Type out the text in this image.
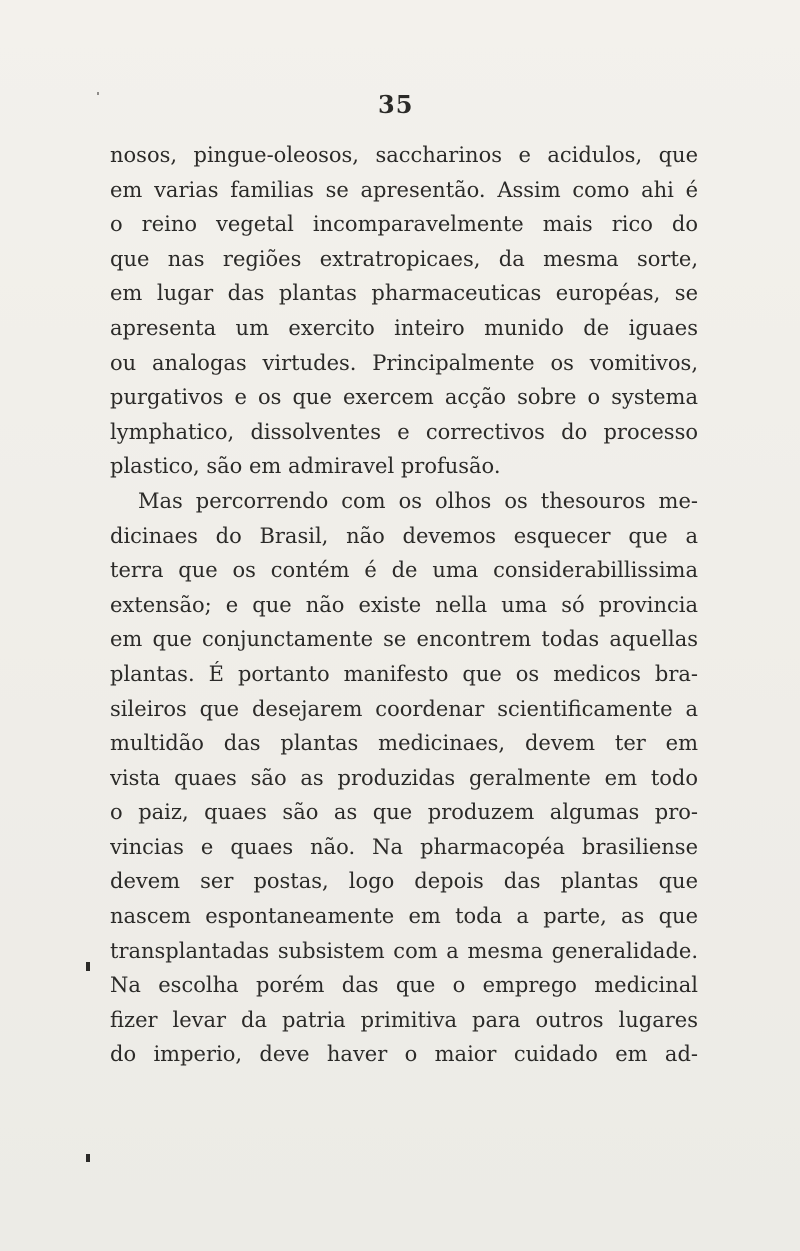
35
nosos, pingue-oleosos, saccharinos e acidulos, que
em varias familias se apresentão. Assim como ahi é
o reino vegetal incomparavelmente mais rico do
que nas regiões extratropicaes, da mesma sorte,
em lugar das plantas pharmaceuticas européas, se
apresenta um exercito inteiro munido de iguaes
ou analogas virtudes. Principalmente os vomitivos,
purgativos e os que exercem acção sobre o systema
lymphatico, dissolventes e correctivos do processo
plastico, são em admiravel profusão.
Mas percorrendo com os olhos os thesouros me-
dicinaes do Brasil, não devemos esquecer que a
terra que os contém é de uma considerabillissima
extensão; e que não existe nella uma só provincia
em que conjunctamente se encontrem todas aquellas
plantas. É portanto manifesto que os medicos bra-
sileiros que desejarem coordenar scientificamente a
multidão das plantas medicinaes, devem ter em
vista quaes são as produzidas geralmente em todo
o paiz, quaes são as que produzem algumas pro-
vincias e quaes não. Na pharmacopéa brasiliense
devem ser postas, logo depois das plantas que
nascem espontaneamente em toda a parte, as que
transplantadas subsistem com a mesma generalidade.
Na escolha porém das que o emprego medicinal
fizer levar da patria primitiva para outros lugares
do imperio, deve haver o maior cuidado em ad-
